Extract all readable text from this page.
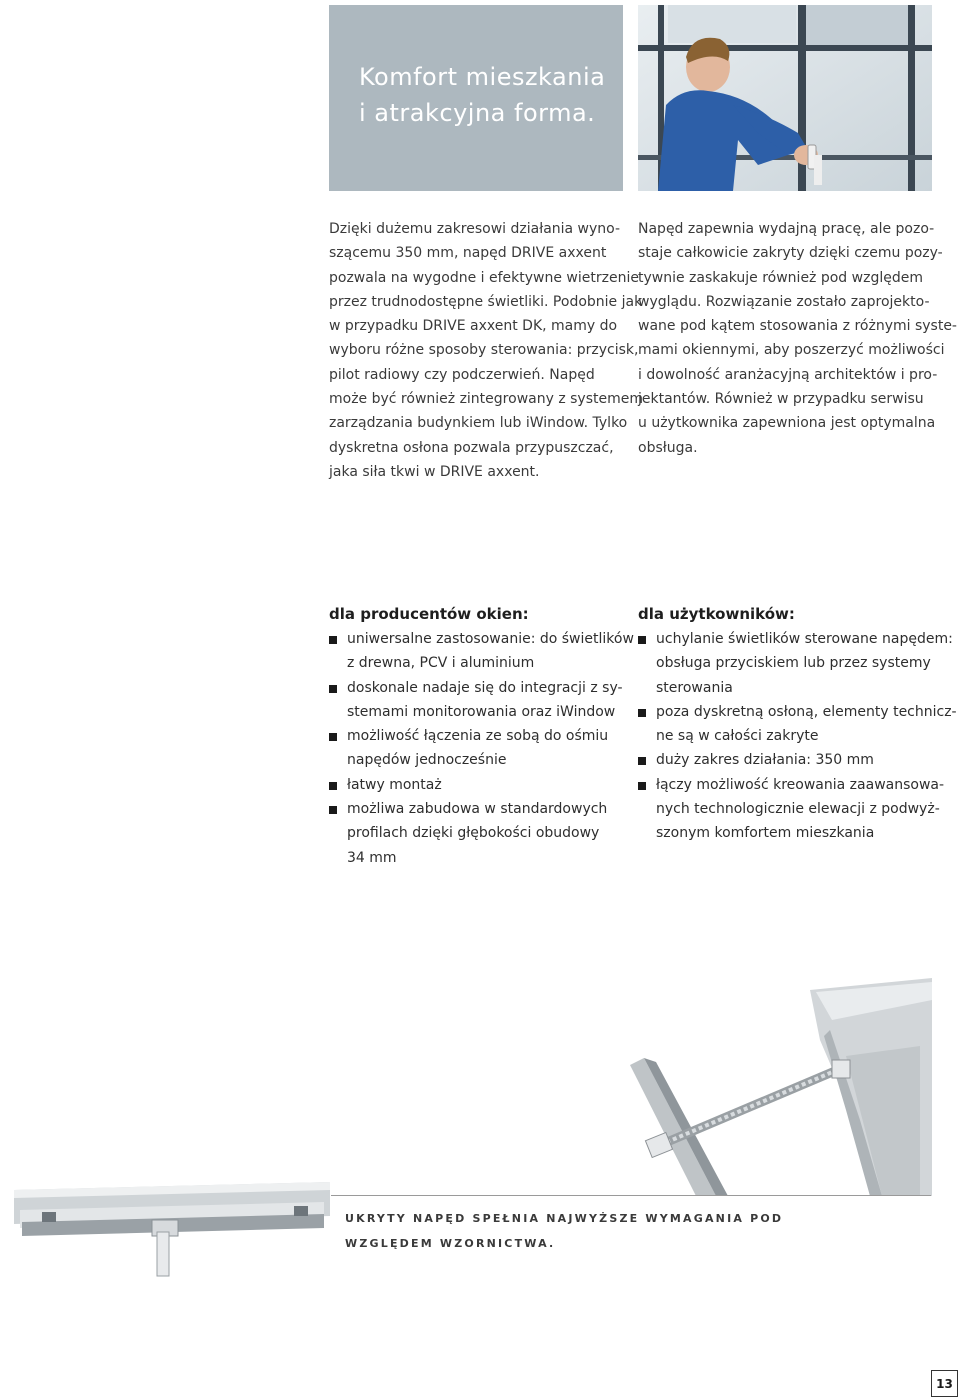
Komfort mieszkania
i atrakcyjna forma.
Dzięki dużemu zakresowi działania wyno-
szącemu 350 mm, napęd DRIVE axxent
pozwala na wygodne i efektywne wietrzenie
przez trudnodostępne świetliki. Podobnie jak
w przypadku DRIVE axxent DK, mamy do
wyboru różne sposoby sterowania: przycisk,
pilot radiowy czy podczerwień. Napęd
może być również zintegrowany z systemem
zarządzania budynkiem lub iWindow. Tylko
dyskretna osłona pozwala przypuszczać,
jaka siła tkwi w DRIVE axxent.
Napęd zapewnia wydajną pracę, ale pozo-
staje całkowicie zakryty dzięki czemu pozy-
tywnie zaskakuje również pod względem
wyglądu. Rozwiązanie zostało zaprojekto-
wane pod kątem stosowania z różnymi syste-
mami okiennymi, aby poszerzyć możliwości
i dowolność aranżacyjną architektów i pro-
jektantów. Również w przypadku serwisu
u użytkownika zapewniona jest optymalna
obsługa.
dla producentów okien:
uniwersalne zastosowanie: do świetlików
z drewna, PCV i aluminium
doskonale nadaje się do integracji z sy-
stemami monitorowania oraz iWindow
możliwość łączenia ze sobą do ośmiu
napędów jednocześnie
łatwy montaż
możliwa zabudowa w standardowych
profilach dzięki głębokości obudowy
34 mm
dla użytkowników:
uchylanie świetlików sterowane napędem:
obsługa przyciskiem lub przez systemy
sterowania
poza dyskretną osłoną, elementy technicz-
ne są w całości zakryte
duży zakres działania: 350 mm
łączy możliwość kreowania zaawansowa-
nych technologicznie elewacji z podwyż-
szonym komfortem mieszkania
UKRYTY NAPĘD SPEŁNIA NAJWYŻSZE WYMAGANIA POD
WZGLĘDEM WZORNICTWA.
13
